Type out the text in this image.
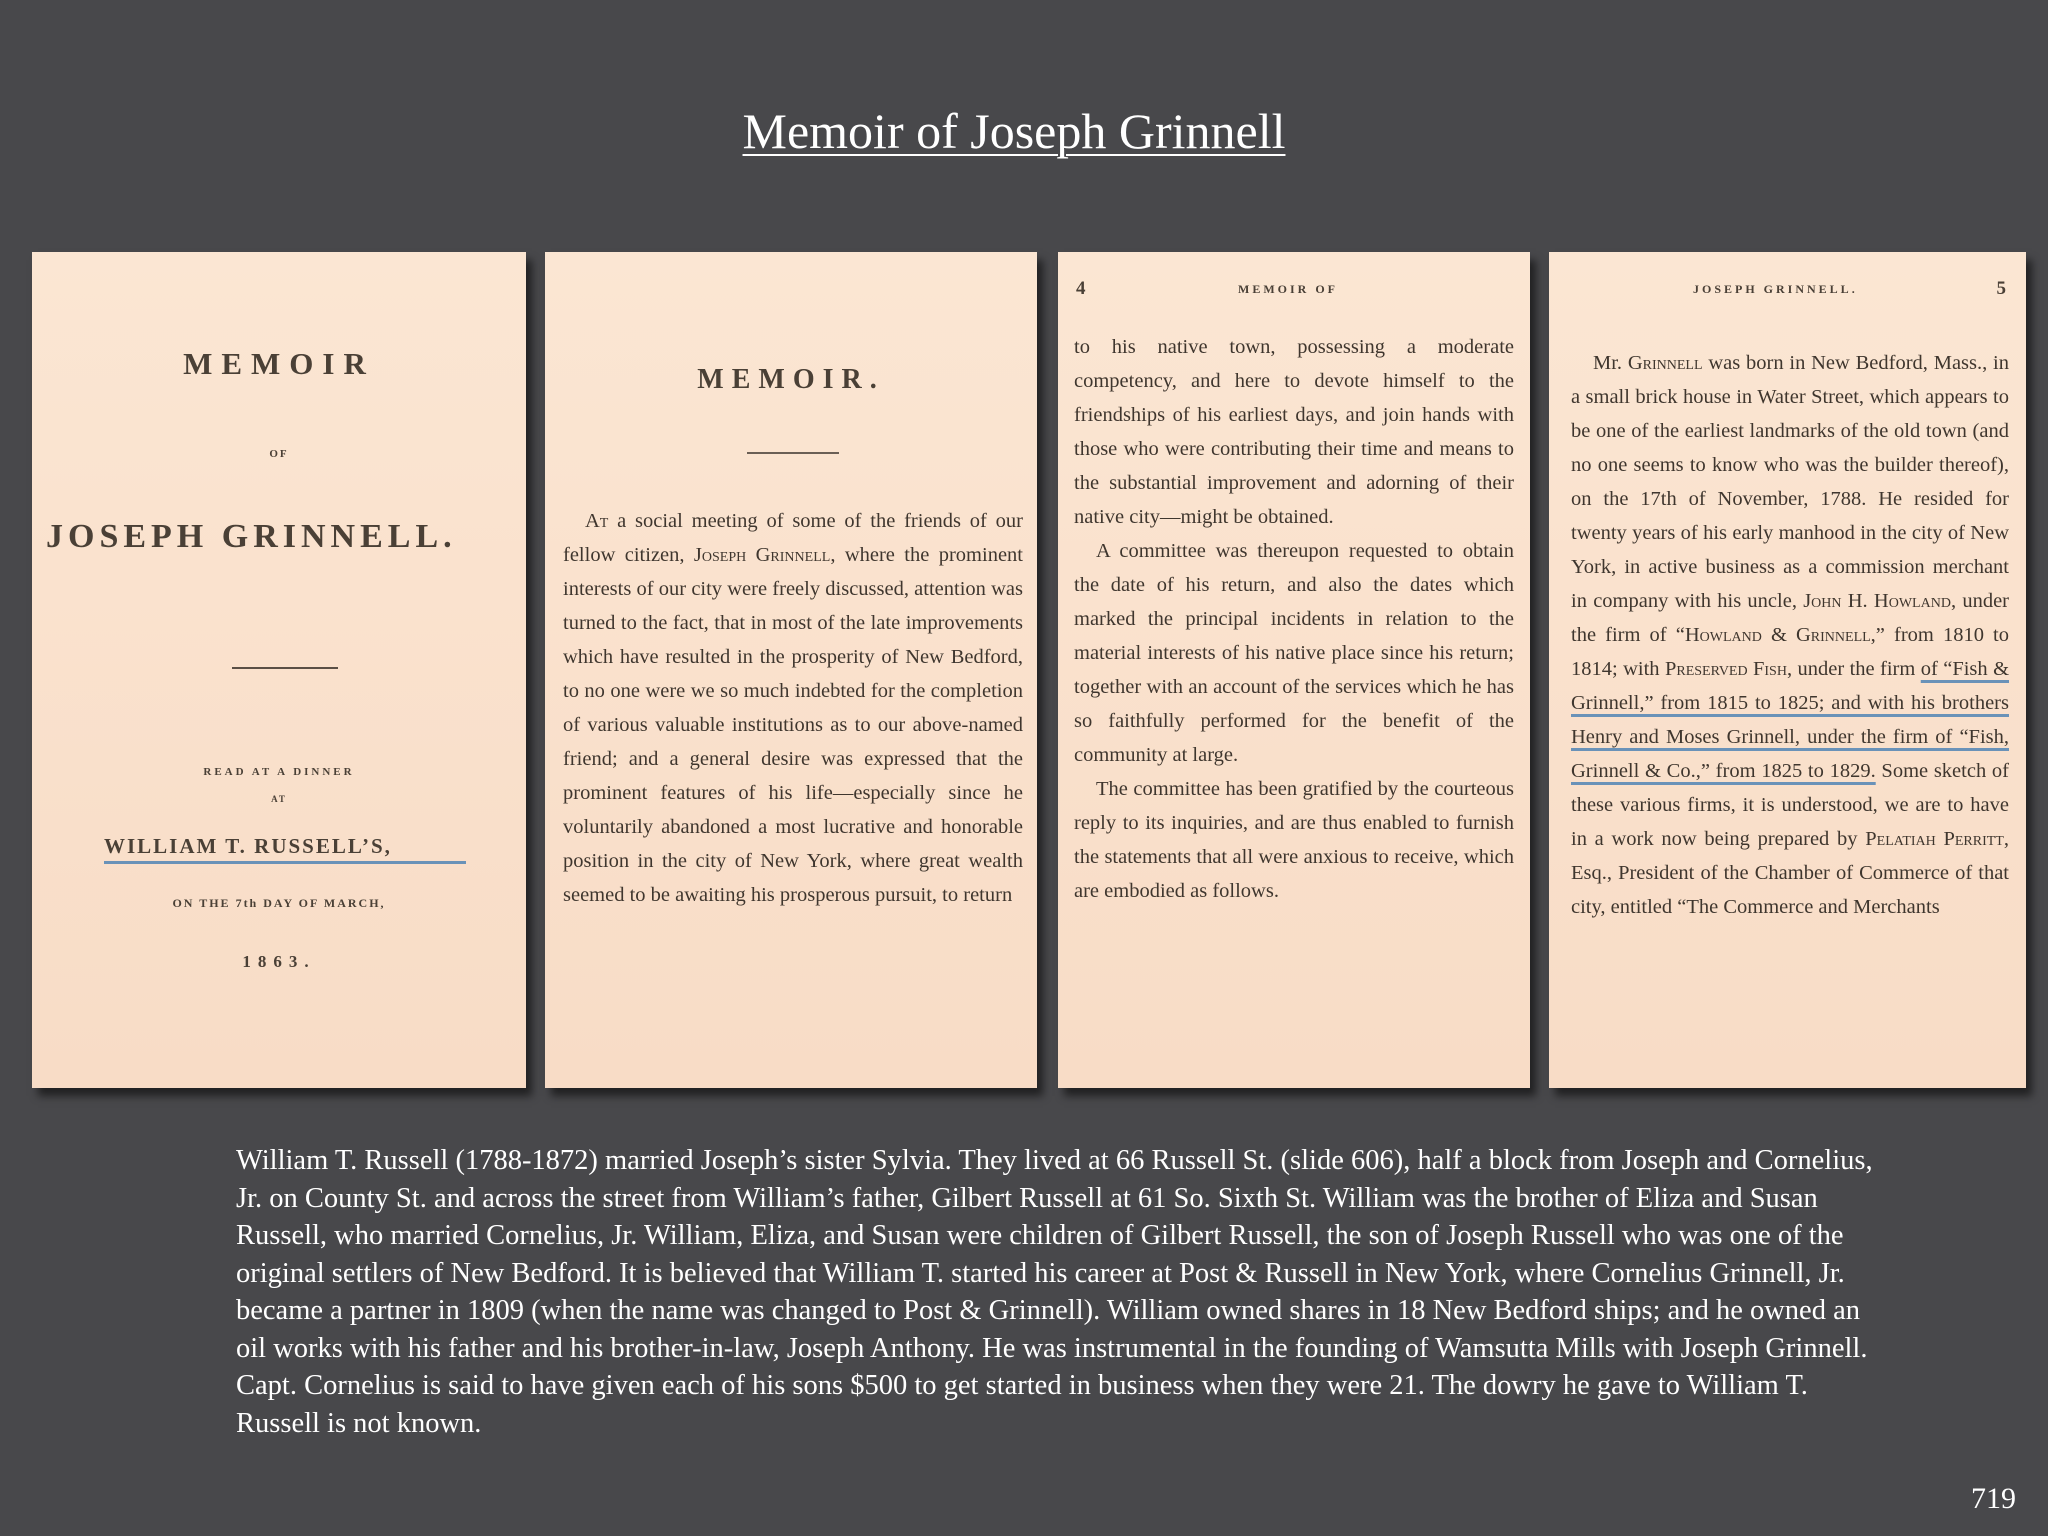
Memoir of Joseph Grinnell
MEMOIR
OF
JOSEPH GRINNELL.
READ AT A DINNER
AT
WILLIAM T. RUSSELL’S,
ON THE 7th DAY OF MARCH,
1863.
MEMOIR.

At a social meeting of some of the friends of our fellow citizen, Joseph Grinnell, where the prominent interests of our city were freely discussed, attention was turned to the fact, that in most of the late improvements which have resulted in the prosperity of New Bedford, to no one were we so much indebted for the completion of various valuable institutions as to our above-named friend; and a general desire was expressed that the prominent features of his life—especially since he voluntarily abandoned a most lucrative and honorable position in the city of New York, where great wealth seemed to be awaiting his prosperous pursuit, to return

4	MEMOIR OF

to his native town, possessing a moderate competency, and here to devote himself to the friendships of his earliest days, and join hands with those who were contributing their time and means to the substantial improvement and adorning of their native city—might be obtained.

A committee was thereupon requested to obtain the date of his return, and also the dates which marked the principal incidents in relation to the material interests of his native place since his return; together with an account of the services which he has so faithfully performed for the benefit of the community at large.

The committee has been gratified by the courteous reply to its inquiries, and are thus enabled to furnish the statements that all were anxious to receive, which are embodied as follows.

JOSEPH GRINNELL.	5

Mr. Grinnell was born in New Bedford, Mass., in a small brick house in Water Street, which appears to be one of the earliest landmarks of the old town (and no one seems to know who was the builder thereof), on the 17th of November, 1788. He resided for twenty years of his early manhood in the city of New York, in active business as a commission merchant in company with his uncle, John H. Howland, under the firm of “Howland & Grinnell,” from 1810 to 1814; with Preserved Fish, under the firm of “Fish & Grinnell,” from 1815 to 1825; and with his brothers Henry and Moses Grinnell, under the firm of “Fish, Grinnell & Co.,” from 1825 to 1829. Some sketch of these various firms, it is understood, we are to have in a work now being prepared by Pelatiah Perritt, Esq., President of the Chamber of Commerce of that city, entitled “The Commerce and Merchants

William T. Russell (1788-1872) married Joseph’s sister Sylvia. They lived at 66 Russell St. (slide 606), half a block from Joseph and Cornelius, Jr. on County St. and across the street from William’s father, Gilbert Russell at 61 So. Sixth St. William was the brother of Eliza and Susan Russell, who married Cornelius, Jr. William, Eliza, and Susan were children of Gilbert Russell, the son of Joseph Russell who was one of the original settlers of New Bedford. It is believed that William T. started his career at Post & Russell in New York, where Cornelius Grinnell, Jr. became a partner in 1809 (when the name was changed to Post & Grinnell). William owned shares in 18 New Bedford ships; and he owned an oil works with his father and his brother-in-law, Joseph Anthony. He was instrumental in the founding of Wamsutta Mills with Joseph Grinnell. Capt. Cornelius is said to have given each of his sons $500 to get started in business when they were 21. The dowry he gave to William T. Russell is not known.
719
